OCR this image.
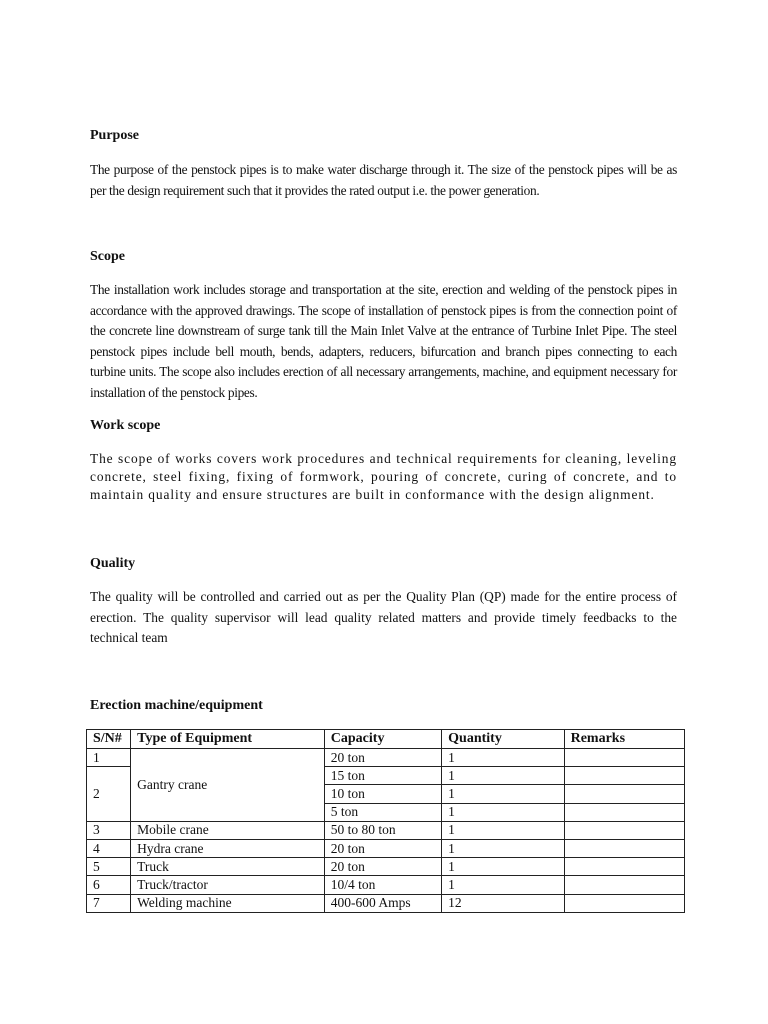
Purpose
The purpose of the penstock pipes is to make water discharge through it. The size of the penstock pipes will be as per the design requirement such that it provides the rated output i.e. the power generation.
Scope
The installation work includes storage and transportation at the site, erection and welding of the penstock pipes in accordance with the approved drawings. The scope of installation of penstock pipes is from the connection point of the concrete line downstream of surge tank till the Main Inlet Valve at the entrance of Turbine Inlet Pipe. The steel penstock pipes include bell mouth, bends, adapters, reducers, bifurcation and branch pipes connecting to each turbine units. The scope also includes erection of all necessary arrangements, machine, and equipment necessary for installation of the penstock pipes.
Work scope
The scope of works covers work procedures and technical requirements for cleaning, leveling concrete, steel fixing, fixing of formwork, pouring of concrete, curing of concrete, and to maintain quality and ensure structures are built in conformance with the design alignment.
Quality
The quality will be controlled and carried out as per the Quality Plan (QP) made for the entire process of erection. The quality supervisor will lead quality related matters and provide timely feedbacks to the technical team
Erection machine/equipment
S/N#	Type of Equipment	Capacity	Quantity	Remarks
1	Gantry crane	20 ton	1	
2		15 ton	1	
		10 ton	1	
		5 ton	1	
3	Mobile crane	50 to 80 ton	1	
4	Hydra crane	20 ton	1	
5	Truck	20 ton	1	
6	Truck/tractor	10/4 ton	1	
7	Welding machine	400-600 Amps	12	
